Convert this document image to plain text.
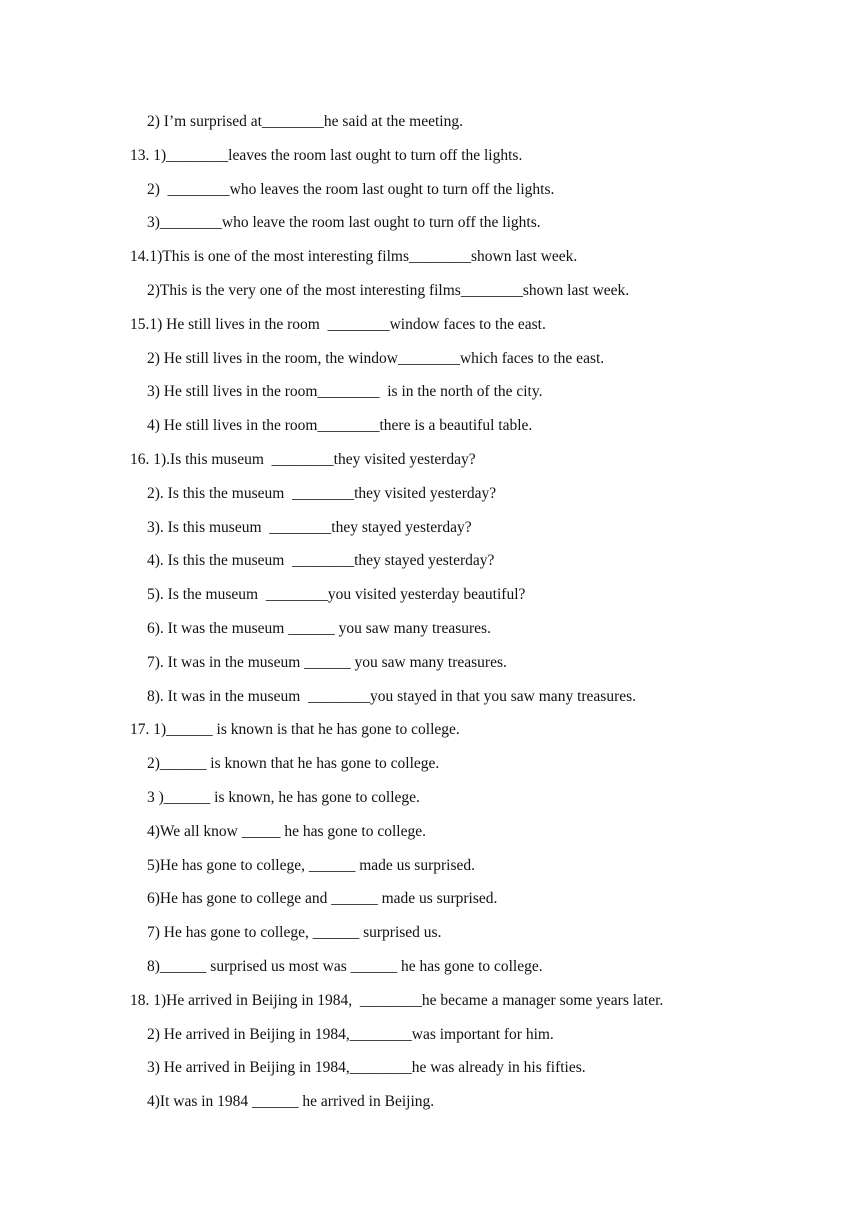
2) I’m surprised at________he said at the meeting.
13. 1)________leaves the room last ought to turn off the lights.
2)  ________who leaves the room last ought to turn off the lights.
3)________who leave the room last ought to turn off the lights.
14.1)This is one of the most interesting films________shown last week.
2)This is the very one of the most interesting films________shown last week.
15.1) He still lives in the room  ________window faces to the east.
2) He still lives in the room, the window________which faces to the east.
3) He still lives in the room________  is in the north of the city.
4) He still lives in the room________there is a beautiful table.
16. 1).Is this museum  ________they visited yesterday?
2). Is this the museum  ________they visited yesterday?
3). Is this museum  ________they stayed yesterday?
4). Is this the museum  ________they stayed yesterday?
5). Is the museum  ________you visited yesterday beautiful?
6). It was the museum ______ you saw many treasures.
7). It was in the museum ______ you saw many treasures.
8). It was in the museum  ________you stayed in that you saw many treasures.
17. 1)______ is known is that he has gone to college.
2)______ is known that he has gone to college.
3 )______ is known, he has gone to college.
4)We all know _____ he has gone to college.
5)He has gone to college, ______ made us surprised.
6)He has gone to college and ______ made us surprised.
7) He has gone to college, ______ surprised us.
8)______ surprised us most was ______ he has gone to college.
18. 1)He arrived in Beijing in 1984,  ________he became a manager some years later.
2) He arrived in Beijing in 1984,________was important for him.
3) He arrived in Beijing in 1984,________he was already in his fifties.
4)It was in 1984 ______ he arrived in Beijing.
